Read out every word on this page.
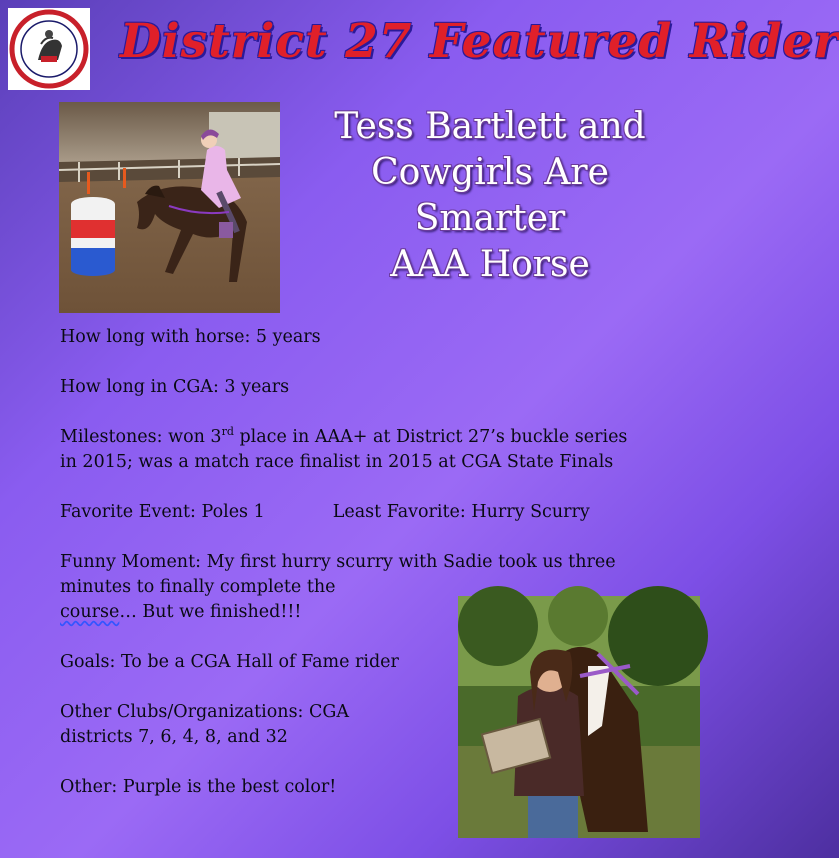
District 27 Featured Rider
Tess Bartlett and
Cowgirls Are
Smarter
AAA Horse

How long with horse: 5 years

How long in CGA: 3 years

Milestones: won 3rd place in AAA+ at District 27’s buckle series
in 2015; was a match race finalist in 2015 at CGA State Finals

Favorite Event: Poles 1	Least Favorite: Hurry Scurry

Funny Moment: My first hurry scurry with Sadie took us three
minutes to finally complete the
course… But we finished!!!

Goals: To be a CGA Hall of Fame rider

Other Clubs/Organizations: CGA
districts 7, 6, 4, 8, and 32

Other: Purple is the best color!
